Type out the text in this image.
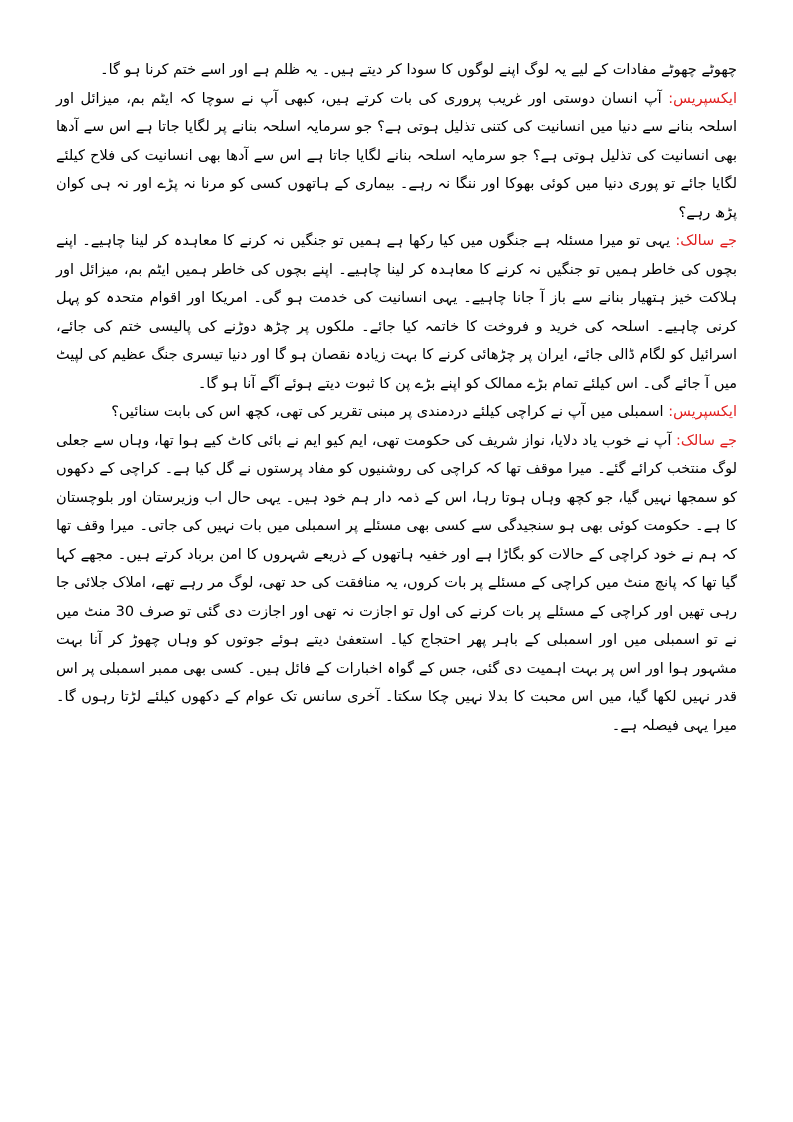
چھوٹے چھوٹے مفادات کے لیے یہ لوگ اپنے لوگوں کا سودا کر دیتے ہیں۔ یہ ظلم ہے اور اسے ختم کرنا ہو گا۔

ایکسپریس: آپ انسان دوستی اور غریب پروری کی بات کرتے ہیں، کبھی آپ نے سوچا کہ ایٹم بم، میزائل اور اسلحہ بنانے سے دنیا میں انسانیت کی کتنی تذلیل ہوتی ہے؟ جو سرمایہ اسلحہ بنانے پر لگایا جاتا ہے اس سے آدھا بھی انسانیت کی تذلیل ہوتی ہے؟ جو سرمایہ اسلحہ بنانے لگایا جاتا ہے اس سے آدھا بھی انسانیت کی فلاح کیلئے لگایا جائے تو پوری دنیا میں کوئی بھوکا اور ننگا نہ رہے۔ بیماری کے ہاتھوں کسی کو مرنا نہ پڑے اور نہ ہی کوان پڑھ رہے؟

جے سالک: یہی تو میرا مسئلہ ہے جنگوں میں کیا رکھا ہے ہمیں تو جنگیں نہ کرنے کا معاہدہ کر لینا چاہیے۔ اپنے بچوں کی خاطر ہمیں تو جنگیں نہ کرنے کا معاہدہ کر لینا چاہیے۔ اپنے بچوں کی خاطر ہمیں ایٹم بم، میزائل اور ہلاکت خیز ہتھیار بنانے سے باز آ جانا چاہیے۔ یہی انسانیت کی خدمت ہو گی۔ امریکا اور اقوام متحدہ کو پہل کرنی چاہیے۔ اسلحہ کی خرید و فروخت کا خاتمہ کیا جائے۔ ملکوں پر چڑھ دوڑنے کی پالیسی ختم کی جائے، اسرائیل کو لگام ڈالی جائے، ایران پر چڑھائی کرنے کا بہت زیادہ نقصان ہو گا اور دنیا تیسری جنگ عظیم کی لپیٹ میں آ جائے گی۔ اس کیلئے تمام بڑے ممالک کو اپنے بڑے پن کا ثبوت دیتے ہوئے آگے آنا ہو گا۔

ایکسپریس: اسمبلی میں آپ نے کراچی کیلئے دردمندی پر مبنی تقریر کی تھی، کچھ اس کی بابت سنائیں؟

جے سالک: آپ نے خوب یاد دلایا، نواز شریف کی حکومت تھی، ایم کیو ایم نے بائی کاٹ کیے ہوا تھا، وہاں سے جعلی لوگ منتخب کرائے گئے۔ میرا موقف تھا کہ کراچی کی روشنیوں کو مفاد پرستوں نے گل کیا ہے۔ کراچی کے دکھوں کو سمجھا نہیں گیا، جو کچھ وہاں ہوتا رہا، اس کے ذمہ دار ہم خود ہیں۔ یہی حال اب وزیرستان اور بلوچستان کا ہے۔ حکومت کوئی بھی ہو سنجیدگی سے کسی بھی مسئلے پر اسمبلی میں بات نہیں کی جاتی۔ میرا وقف تھا کہ ہم نے خود کراچی کے حالات کو بگاڑا ہے اور خفیہ ہاتھوں کے ذریعے شہروں کا امن برباد کرتے ہیں۔ مجھے کہا گیا تھا کہ پانچ منٹ میں کراچی کے مسئلے پر بات کروں، یہ منافقت کی حد تھی، لوگ مر رہے تھے، املاک جلائی جا رہی تھیں اور کراچی کے مسئلے پر بات کرنے کی اول تو اجازت نہ تھی اور اجازت دی گئی تو صرف 30 منٹ میں نے تو اسمبلی میں اور اسمبلی کے باہر پھر احتجاج کیا۔ استعفیٰ دیتے ہوئے جوتوں کو وہاں چھوڑ کر آنا بہت مشہور ہوا اور اس پر بہت اہمیت دی گئی، جس کے گواہ اخبارات کے فائل ہیں۔ کسی بھی ممبر اسمبلی پر اس قدر نہیں لکھا گیا، میں اس محبت کا بدلا نہیں چکا سکتا۔ آخری سانس تک عوام کے دکھوں کیلئے لڑتا رہوں گا۔ میرا یہی فیصلہ ہے۔
